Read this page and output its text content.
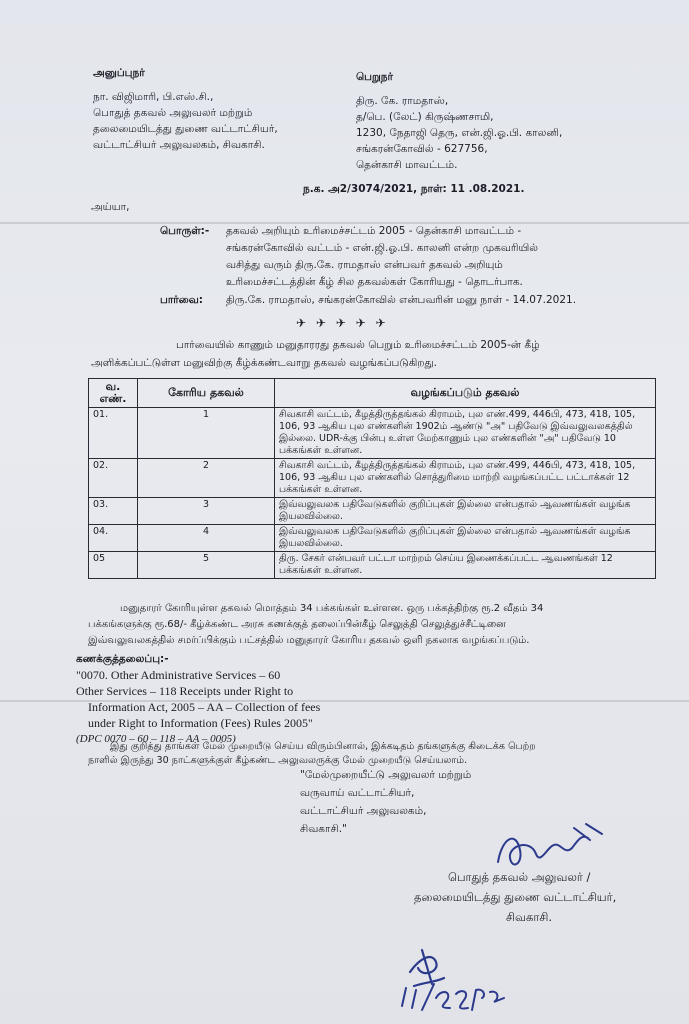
அனுப்புநர்
நா. விஜிமாரி, பி.எஸ்.சி.,
பொதுத் தகவல் அலுவலர் மற்றும்
தலைமையிடத்து துணை வட்டாட்சியர்,
வட்டாட்சியர் அலுவலகம், சிவகாசி.
பெறுநர்
திரு. கே. ராமதாஸ்,
த/பெ. (லேட்) கிருஷ்ணசாமி,
1230, நேதாஜி தெரு, என்.ஜி.ஓ.பி. காலனி,
சங்கரன்கோவில் - 627756,
தென்காசி மாவட்டம்.
ந.க. அ2/3074/2021, நாள்: 11 .08.2021.
அய்யா,
பொருள்:- தகவல் அறியும் உரிமைச்சட்டம் 2005 - தென்காசி மாவட்டம் -
சங்கரன்கோவில் வட்டம் - என்.ஜி.ஓ.பி. காலனி என்ற முகவரியில்
வசித்து வரும் திரு.கே. ராமதாஸ் என்பவர் தகவல் அறியும்
உரிமைச்சட்டத்தின் கீழ் சில தகவல்கள் கோரியது - தொடர்பாக.
பார்வை: திரு.கே. ராமதாஸ், சங்கரன்கோவில் என்பவரின் மனு நாள் - 14.07.2021.
✈ ✈ ✈ ✈ ✈
பார்வையில் காணும் மனுதாரரது தகவல் பெறும் உரிமைச்சட்டம் 2005-ன் கீழ்
அளிக்கப்பட்டுள்ள மனுவிற்கு கீழ்க்கண்டவாறு தகவல் வழங்கப்படுகிறது.
வ. எண்.	கோரிய தகவல்	வழங்கப்படும் தகவல்
01.	1	சிவகாசி வட்டம், கீழத்திருத்தங்கல் கிராமம், புல எண்.499, 446பி, 473, 418, 105, 106, 93 ஆகிய புல எண்களின் 1902ம் ஆண்டு "அ" பதிவேடு இவ்வலுவலகத்தில் இல்லை. UDR-க்கு பின்பு உள்ள மேற்காணும் புல எண்களின் "அ" பதிவேடு 10 பக்கங்கள் உள்ளன.
02.	2	சிவகாசி வட்டம், கீழத்திருத்தங்கல் கிராமம், புல எண்.499, 446பி, 473, 418, 105, 106, 93 ஆகிய புல எண்களில் சொத்துரிமை மாற்றி வழங்கப்பட்ட பட்டாக்கள் 12 பக்கங்கள் உள்ளன.
03.	3	இவ்வலுவலக பதிவேடுகளில் குறிப்புகள் இல்லை என்பதால் ஆவணங்கள் வழங்க இயலவில்லை.
04.	4	இவ்வலுவலக பதிவேடுகளில் குறிப்புகள் இல்லை என்பதால் ஆவணங்கள் வழங்க இயலவில்லை.
05	5	திரு. சேகர் என்பவர் பட்டா மாற்றம் செய்ய இணைக்கப்பட்ட ஆவணங்கள் 12 பக்கங்கள் உள்ளன.
மனுதாரர் கோரியுள்ள தகவல் மொத்தம் 34 பக்கங்கள் உள்ளன. ஒரு பக்கத்திற்கு ரூ.2 வீதம் 34
பக்கங்களுக்கு ரூ.68/- கீழ்க்கண்ட அரசு கணக்குத் தலைப்பின்கீழ் செலுத்தி செலுத்துச்சீட்டினை
இவ்வலுவலகத்தில் சமர்ப்பிக்கும் பட்சத்தில் மனுதாரர் கோரிய தகவல் ஒளி நகலாக வழங்கப்படும்.
கணக்குத்தலைப்பு:-
"0070. Other Administrative Services – 60
Other Services – 118 Receipts under Right to
Information Act, 2005 – AA – Collection of fees
under Right to Information (Fees) Rules 2005"
(DPC 0070 – 60 – 118 – AA – 0005)
இது குறித்து தாங்கள் மேல் முறையீடு செய்ய விரும்பினால், இக்கடிதம் தங்களுக்கு கிடைக்க பெற்ற
நாளில் இருந்து 30 நாட்களுக்குள் கீழ்கண்ட அலுவலருக்கு மேல் முறையீடு செய்யலாம்.
"மேல்முறையீட்டு அலுவலர் மற்றும்
வருவாய் வட்டாட்சியர்,
வட்டாட்சியர் அலுவலகம்,
சிவகாசி."
பொதுத் தகவல் அலுவலர் /
தலைமையிடத்து துணை வட்டாட்சியர்,
சிவகாசி.
